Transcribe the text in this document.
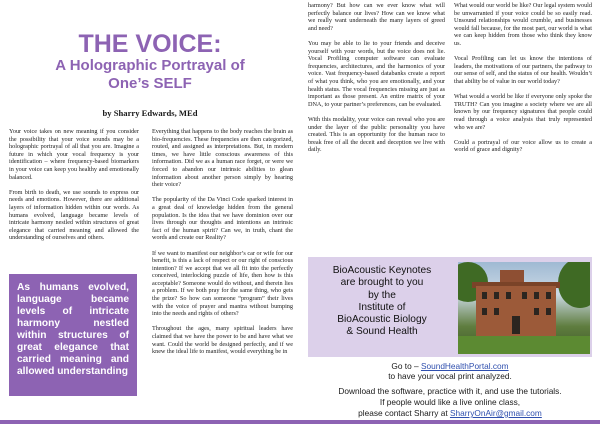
THE VOICE:
A Holographic Portrayal of
One’s SELF
by Sharry Edwards, MEd

Your voice takes on new meaning if you consider the possibility that your voice sounds may be a holographic portrayal of all that you are. Imagine a future in which your vocal frequency is your identification – where frequency-based biomarkers in your voice can keep you healthy and emotionally balanced.

From birth to death, we use sounds to express our needs and emotions. However, there are additional layers of information hidden within our words. As humans evolved, language became levels of intricate harmony nestled within structures of great elegance that carried meaning and allowed the understanding of ourselves and others.

As humans evolved, language became levels of intricate harmony nestled within structures of great elegance that carried meaning and allowed understanding

Everything that happens to the body reaches the brain as bio-frequencies. These frequencies are then categorized, routed, and assigned as interpretations. But, in modern times, we have little conscious awareness of this information. Did we as a human race forget, or were we forced to abandon our intrinsic abilities to glean information about another person simply by hearing their voice?

The popularity of the Da Vinci Code sparked interest in a great deal of knowledge hidden from the general population. Is the idea that we have dominion over our lives through our thoughts and intentions an intrinsic fact of the human spirit? Can we, in truth, chant the words and create our Reality?

If we want to manifest our neighbor’s car or wife for our benefit, is this a lack of respect or our right of conscious intention? If we accept that we all fit into the perfectly conceived, interlocking puzzle of life, then how is this acceptable? Someone would do without, and therein lies a problem. If we both pray for the same thing, who gets the prize? So how can someone “program” their lives with the voice of prayer and mantra without bumping into the needs and rights of others?

Throughout the ages, many spiritual leaders have claimed that we have the power to be and have what we want. Could the world be designed perfectly, and if we knew the ideal life to manifest, would everything be in

harmony? But how can we ever know what will perfectly balance our lives? How can we know what we really want underneath the many layers of greed and need?

You may be able to lie to your friends and deceive yourself with your words, but the voice does not lie. Vocal Profiling computer software can evaluate frequencies, architectures, and the harmonics of your voice. Vast frequency-based databanks create a report of what you think, who you are emotionally, and your health status. The vocal frequencies missing are just as important as those present. An entire matrix of your DNA, to your partner’s preferences, can be evaluated.

With this modality, your voice can reveal who you are under the layer of the public personality you have created. This is an opportunity for the human race to break free of all the deceit and deception we live with daily.

What would our world be like? Our legal system would be unwarranted if your voice could be so easily read. Unsound relationships would crumble, and businesses would fall because, for the most part, our world is what we can keep hidden from those who think they know us.

Vocal Profiling can let us know the intentions of leaders, the motivations of our partners, the pathway to our sense of self, and the status of our health. Wouldn’t that ability be of value in our world today?

What would a world be like if everyone only spoke the TRUTH? Can you imagine a society where we are all known by our frequency signatures that people could read through a voice analysis that truly represented who we are?

Could a portrayal of our voice allow us to create a world of grace and dignity?

BioAcoustic Keynotes
are brought to you
by the
Institute of
BioAcoustic Biology
& Sound Health
Go to – SoundHealthPortal.com
to have your vocal print analyzed.
Download the software, practice with it, and use the tutorials.
If people would like a live online class,
please contact Sharry at SharryOnAir@gmail.com
